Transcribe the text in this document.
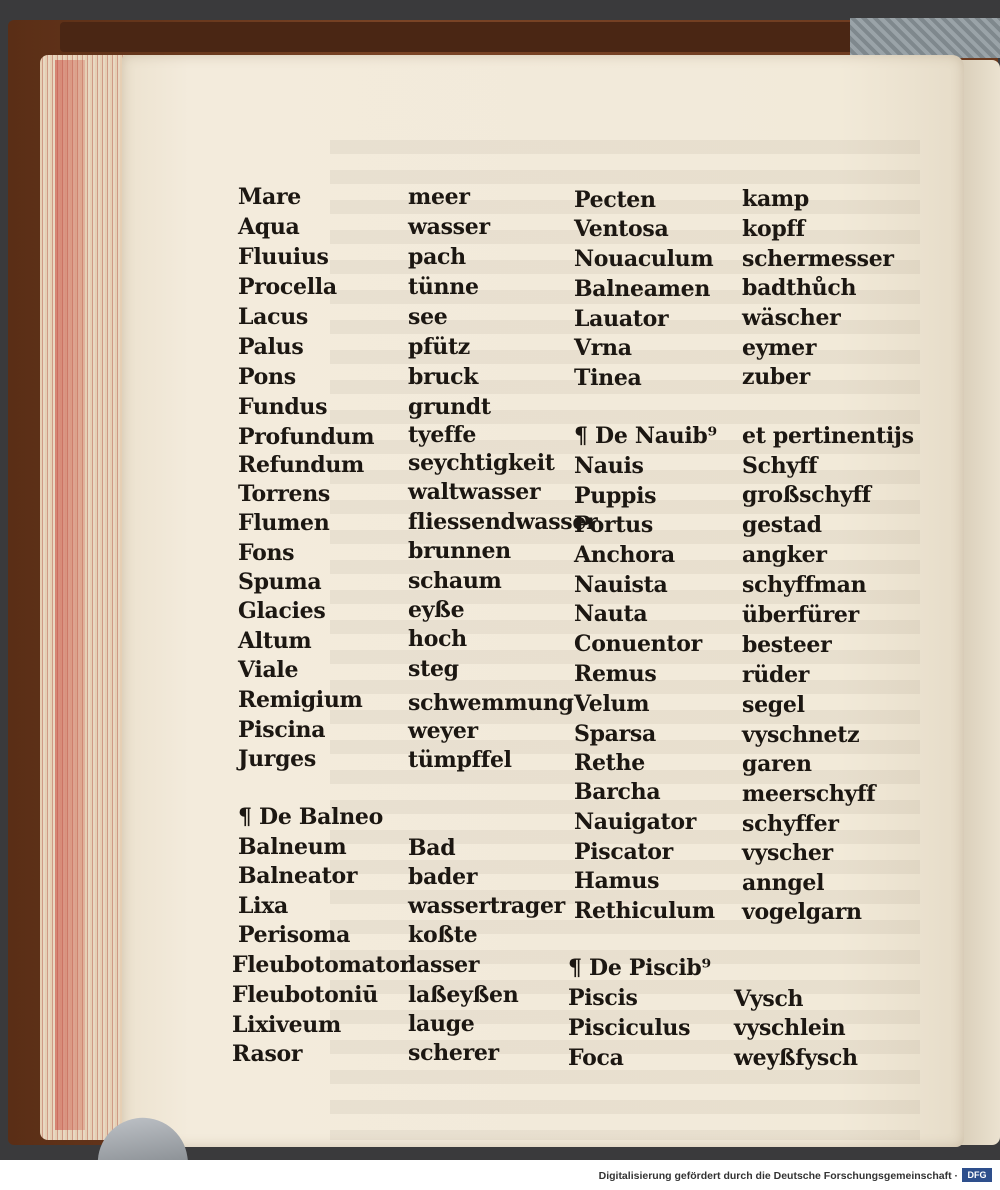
Mare
Aqua
Fluuius
Procella
Lacus
Palus
Pons
Fundus
Profundum
Refundum
Torrens
Flumen
Fons
Spuma
Glacies
Altum
Viale
Remigium
Piscina
Jurges
¶ De Balneo
Balneum
Balneator
Lixa
Perisoma
Fleubotomator
Fleubotoniū
Lixiveum
Rasor
meer
wasser
pach
tünne
see
pfütz
bruck
grundt
tyeffe
seychtigkeit
waltwasser
fliessendwasser
brunnen
schaum
eyße
hoch
steg
schwemmung
weyer
tümpffel
Bad
bader
wassertrager
koßte
lasser
laßeyßen
lauge
scherer
Pecten
Ventosa
Nouaculum
Balneamen
Lauator
Vrna
Tinea
¶ De Nauib⁹
Nauis
Puppis
Portus
Anchora
Nauista
Nauta
Conuentor
Remus
Velum
Sparsa
Rethe
Barcha
Nauigator
Piscator
Hamus
Rethiculum
¶ De Piscib⁹
Piscis
Pisciculus
Foca
kamp
kopff
schermesser
badthůch
wäscher
eymer
zuber
et pertinentijs
Schyff
großschyff
gestad
angker
schyffman
überfürer
besteer
rüder
segel
vyschnetz
garen
meerschyff
schyffer
vyscher
anngel
vogelgarn
Vysch
vyschlein
weyßfysch
Digitalisierung gefördert durch die Deutsche Forschungsgemeinschaft ·	DFG
